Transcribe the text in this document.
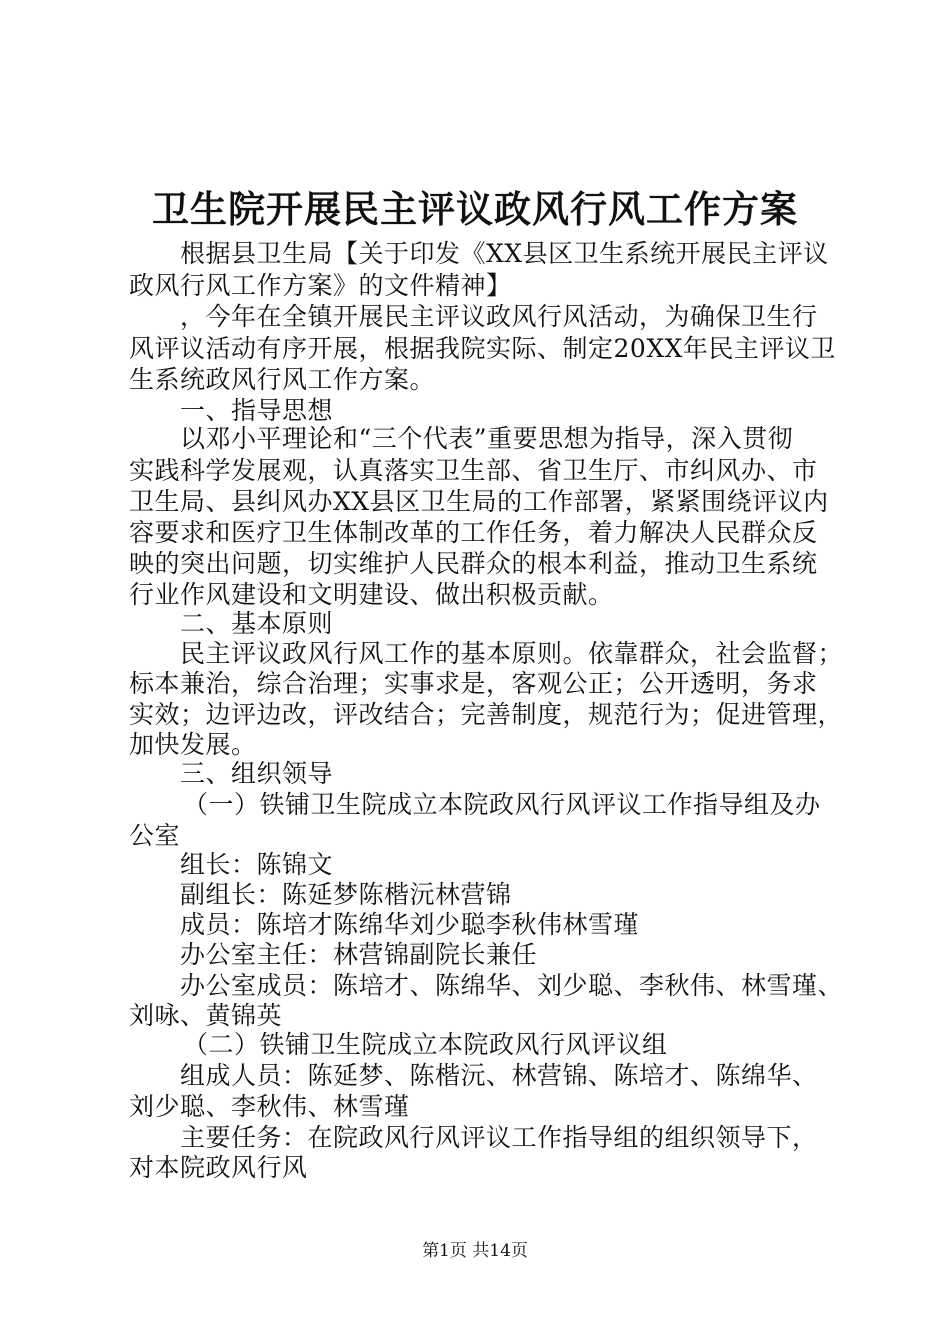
卫生院开展民主评议政风行风工作方案
根据县卫生局【关于印发《XX县区卫生系统开展民主评议
政风行风工作方案》的文件精神】
，今年在全镇开展民主评议政风行风活动，为确保卫生行
风评议活动有序开展，根据我院实际、制定20XX年民主评议卫
生系统政风行风工作方案。
一、指导思想
以邓小平理论和“三个代表”重要思想为指导，深入贯彻
实践科学发展观，认真落实卫生部、省卫生厅、市纠风办、市
卫生局、县纠风办XX县区卫生局的工作部署，紧紧围绕评议内
容要求和医疗卫生体制改革的工作任务，着力解决人民群众反
映的突出问题，切实维护人民群众的根本利益，推动卫生系统
行业作风建设和文明建设、做出积极贡献。
二、基本原则
民主评议政风行风工作的基本原则。依靠群众，社会监督；
标本兼治，综合治理；实事求是，客观公正；公开透明，务求
实效；边评边改，评改结合；完善制度，规范行为；促进管理，
加快发展。
三、组织领导
（一）铁铺卫生院成立本院政风行风评议工作指导组及办
公室
组长：陈锦文
副组长：陈延梦陈楷沅林营锦
成员：陈培才陈绵华刘少聪李秋伟林雪瑾
办公室主任：林营锦副院长兼任
办公室成员：陈培才、陈绵华、刘少聪、李秋伟、林雪瑾、
刘咏、黄锦英
（二）铁铺卫生院成立本院政风行风评议组
组成人员：陈延梦、陈楷沅、林营锦、陈培才、陈绵华、
刘少聪、李秋伟、林雪瑾
主要任务：在院政风行风评议工作指导组的组织领导下，
对本院政风行风
第1页 共14页
